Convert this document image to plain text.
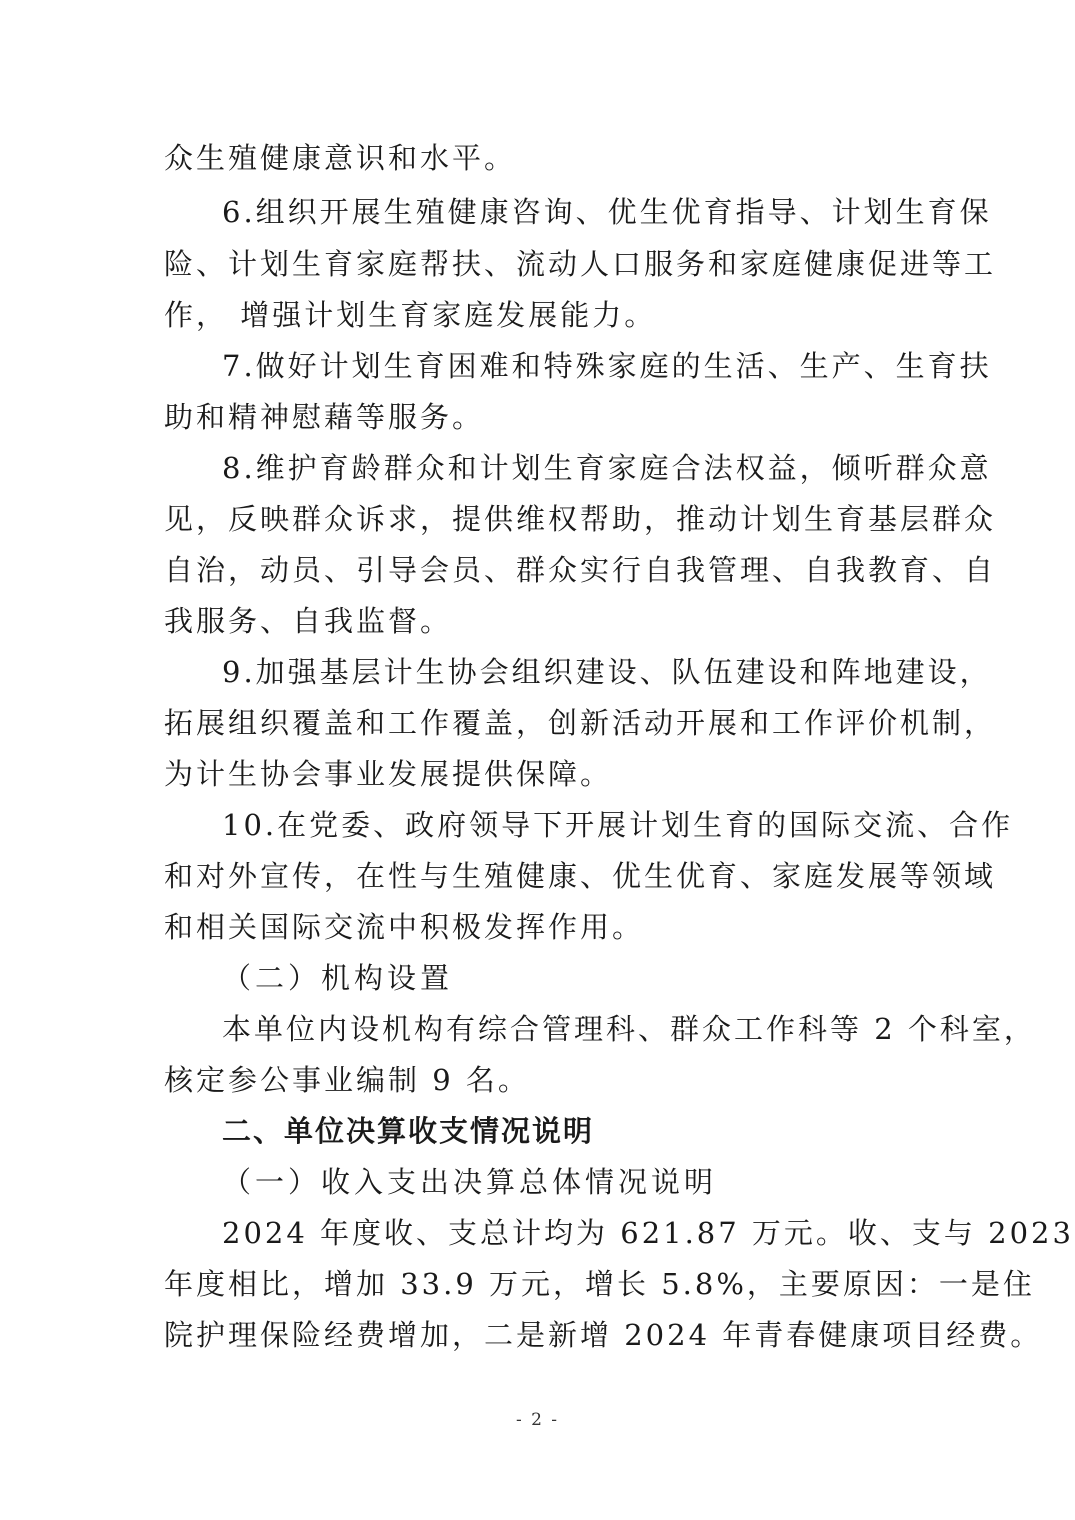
众生殖健康意识和水平。
6.组织开展生殖健康咨询、优生优育指导、计划生育保
险、计划生育家庭帮扶、流动人口服务和家庭健康促进等工
作， 增强计划生育家庭发展能力。
7.做好计划生育困难和特殊家庭的生活、生产、生育扶
助和精神慰藉等服务。
8.维护育龄群众和计划生育家庭合法权益，倾听群众意
见，反映群众诉求，提供维权帮助，推动计划生育基层群众
自治，动员、引导会员、群众实行自我管理、自我教育、自
我服务、自我监督。
9.加强基层计生协会组织建设、队伍建设和阵地建设，
拓展组织覆盖和工作覆盖，创新活动开展和工作评价机制，
为计生协会事业发展提供保障。
10.在党委、政府领导下开展计划生育的国际交流、合作
和对外宣传，在性与生殖健康、优生优育、家庭发展等领域
和相关国际交流中积极发挥作用。
（二）机构设置
本单位内设机构有综合管理科、群众工作科等 2 个科室，
核定参公事业编制 9 名。
二、单位决算收支情况说明
（一）收入支出决算总体情况说明
2024 年度收、支总计均为 621.87 万元。收、支与 2023
年度相比，增加 33.9 万元，增长 5.8%，主要原因：一是住
院护理保险经费增加，二是新增 2024 年青春健康项目经费。
- 2 -
